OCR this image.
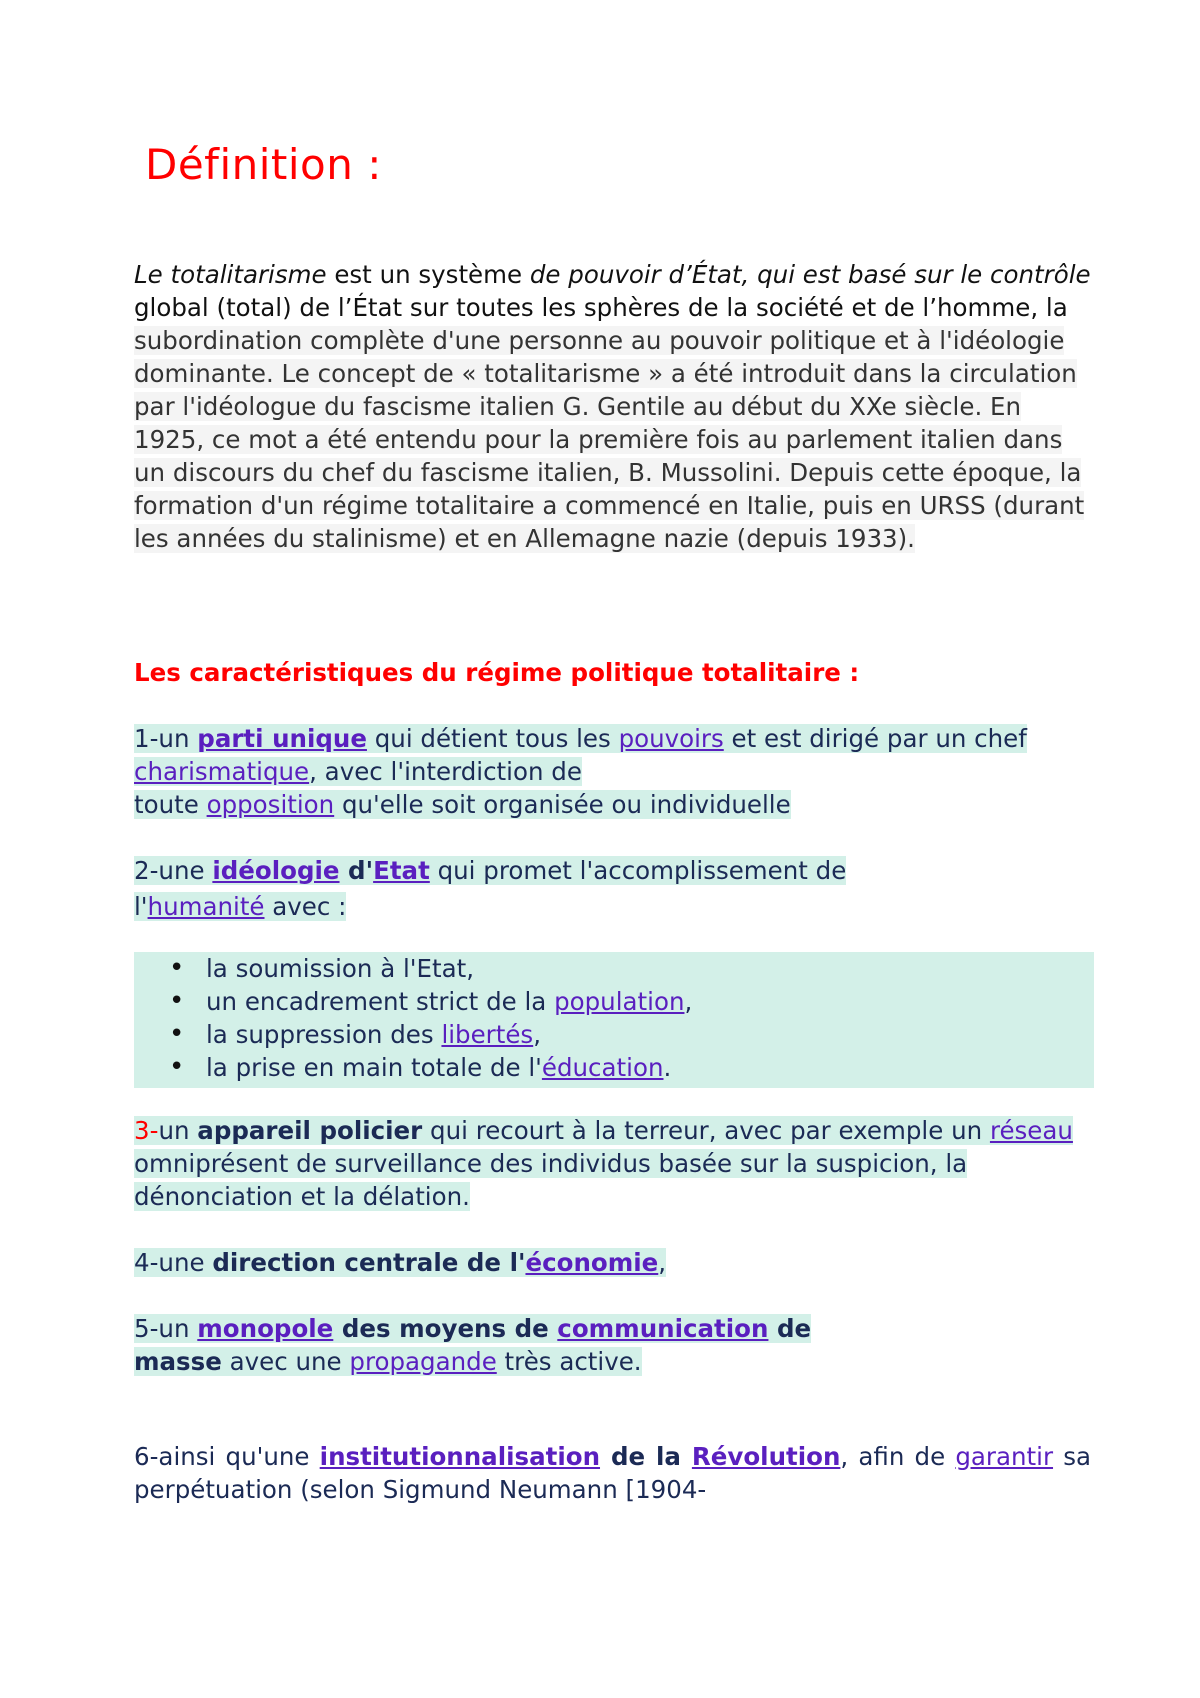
Définition :
Le totalitarisme est un système de pouvoir d’État, qui est basé sur le contrôle global (total) de l’État sur toutes les sphères de la société et de l’homme, la subordination complète d'une personne au pouvoir politique et à l'idéologie dominante. Le concept de « totalitarisme » a été introduit dans la circulation par l'idéologue du fascisme italien G. Gentile au début du XXe siècle. En 1925, ce mot a été entendu pour la première fois au parlement italien dans un discours du chef du fascisme italien, B. Mussolini. Depuis cette époque, la formation d'un régime totalitaire a commencé en Italie, puis en URSS (durant les années du stalinisme) et en Allemagne nazie (depuis 1933).
Les caractéristiques du régime politique totalitaire :
1-un parti unique qui détient tous les pouvoirs et est dirigé par un chef charismatique, avec l'interdiction de
toute opposition qu'elle soit organisée ou individuelle
2-une idéologie d'Etat qui promet l'accomplissement de
l'humanité avec :
• la soumission à l'Etat,
• un encadrement strict de la population,
• la suppression des libertés,
• la prise en main totale de l'éducation.
3-un appareil policier qui recourt à la terreur, avec par exemple un réseau omniprésent de surveillance des individus basée sur la suspicion, la dénonciation et la délation.
4-une direction centrale de l'économie,
5-un monopole des moyens de communication de
masse avec une propagande très active.
6-ainsi qu'une institutionnalisation de la Révolution, afin de garantir sa perpétuation (selon Sigmund Neumann [1904-
